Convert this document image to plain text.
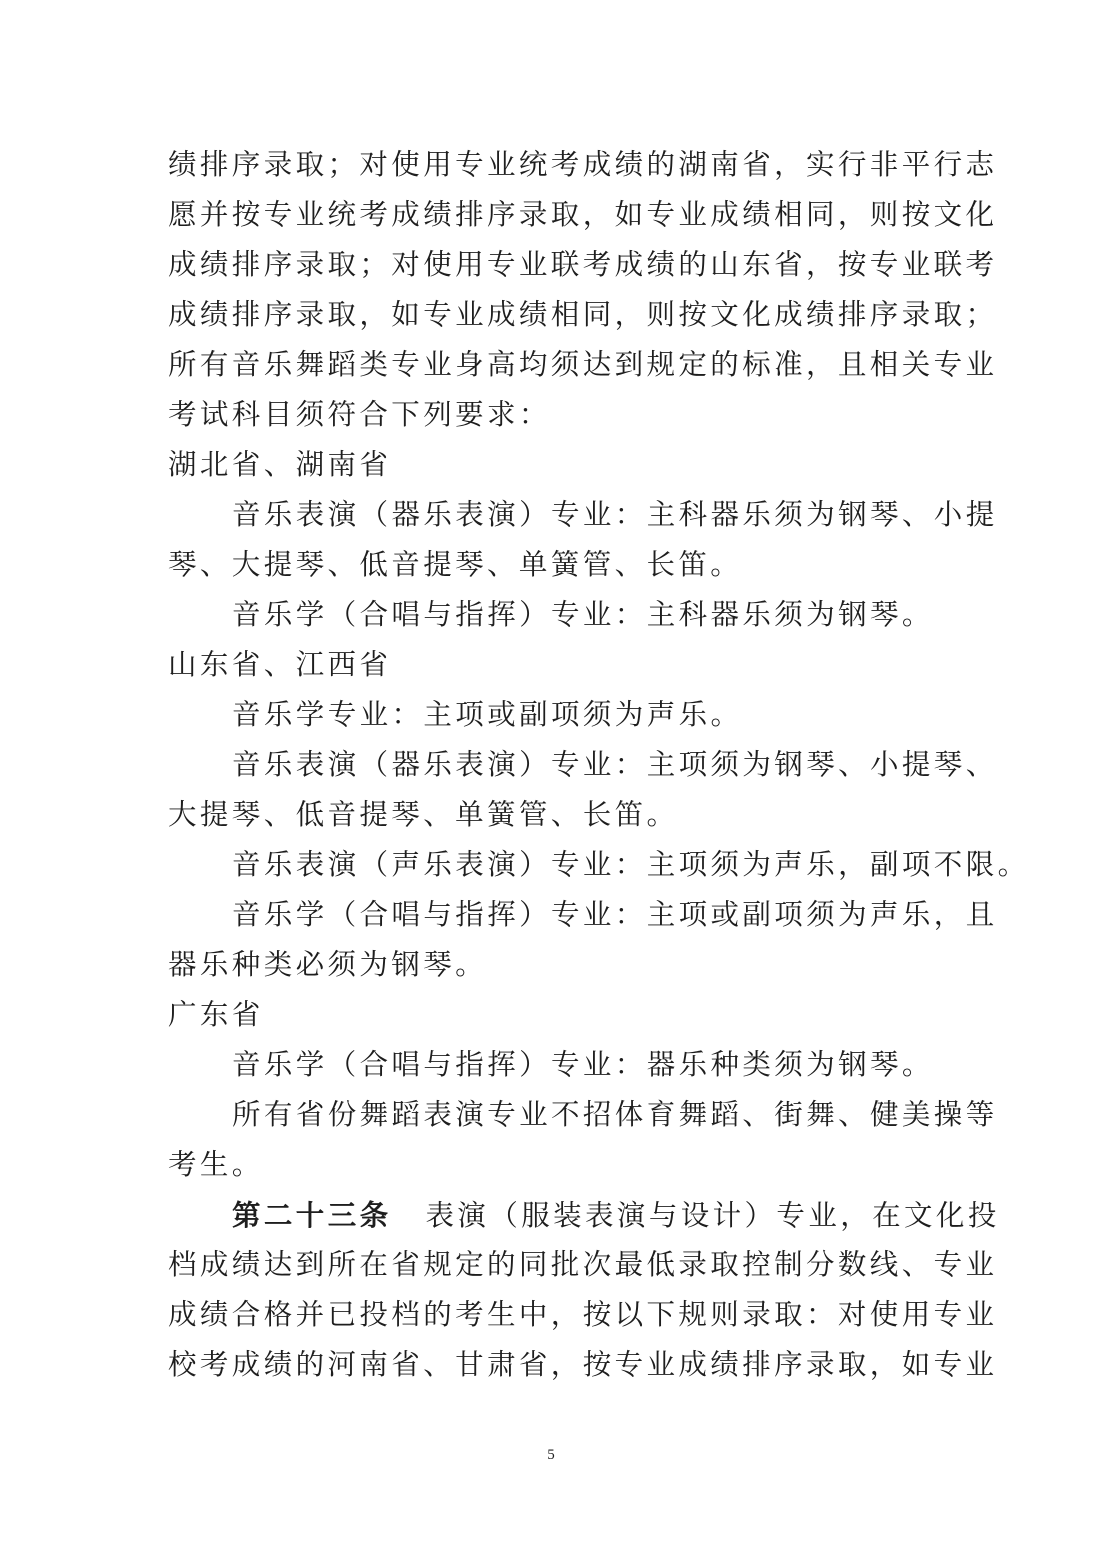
绩排序录取；对使用专业统考成绩的湖南省，实行非平行志
愿并按专业统考成绩排序录取，如专业成绩相同，则按文化
成绩排序录取；对使用专业联考成绩的山东省，按专业联考
成绩排序录取，如专业成绩相同，则按文化成绩排序录取；
所有音乐舞蹈类专业身高均须达到规定的标准，且相关专业
考试科目须符合下列要求：
湖北省、湖南省
音乐表演（器乐表演）专业：主科器乐须为钢琴、小提
琴、大提琴、低音提琴、单簧管、长笛。
音乐学（合唱与指挥）专业：主科器乐须为钢琴。
山东省、江西省
音乐学专业：主项或副项须为声乐。
音乐表演（器乐表演）专业：主项须为钢琴、小提琴、
大提琴、低音提琴、单簧管、长笛。
音乐表演（声乐表演）专业：主项须为声乐，副项不限。
音乐学（合唱与指挥）专业：主项或副项须为声乐，且
器乐种类必须为钢琴。
广东省
音乐学（合唱与指挥）专业：器乐种类须为钢琴。
所有省份舞蹈表演专业不招体育舞蹈、街舞、健美操等
考生。
第二十三条 表演（服装表演与设计）专业，在文化投
档成绩达到所在省规定的同批次最低录取控制分数线、专业
成绩合格并已投档的考生中，按以下规则录取：对使用专业
校考成绩的河南省、甘肃省，按专业成绩排序录取，如专业
5
